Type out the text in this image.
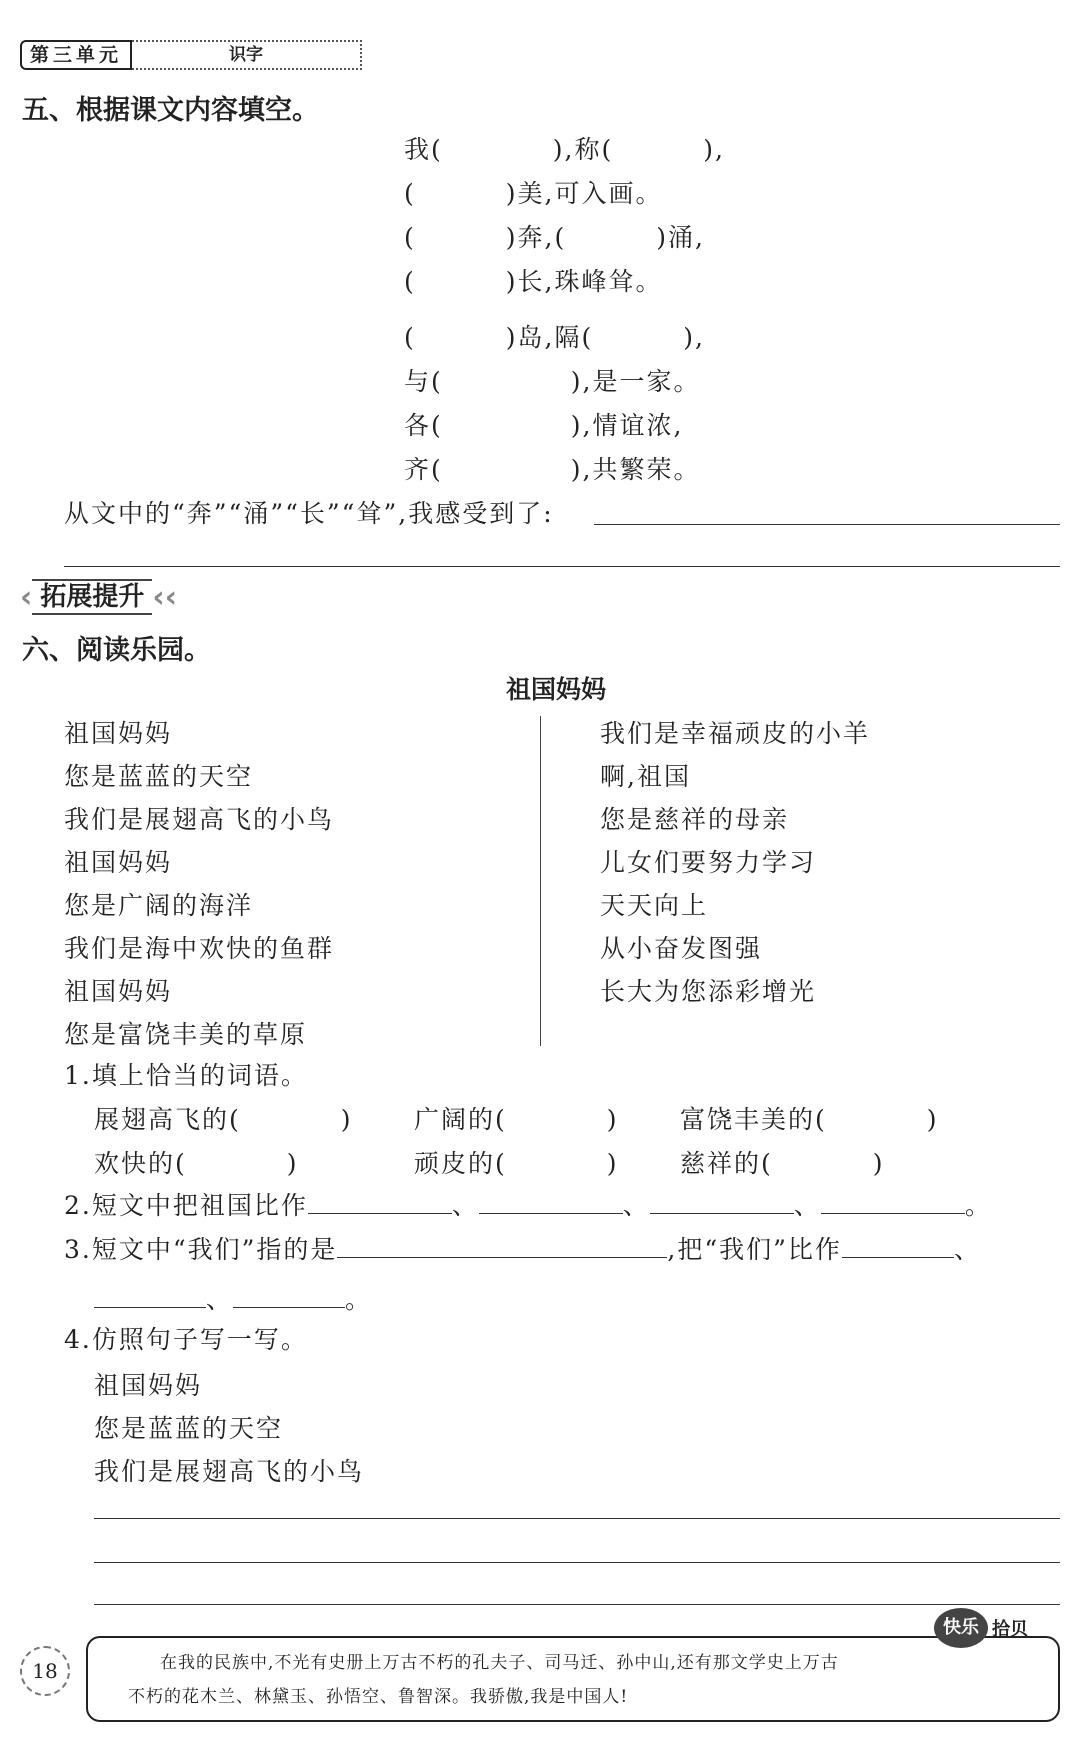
第三单元	识字
五、根据课文内容填空。
我(	),称(	),
(	)美,可入画。
(	)奔,(	)涌,
(	)长,珠峰耸。
(	)岛,隔(	),
与(	),是一家。
各(	),情谊浓,
齐(	),共繁荣。
从文中的“奔”“涌”“长”“耸”,我感受到了:
‹ 拓展提升 ‹‹
六、阅读乐园。
祖国妈妈
祖国妈妈
您是蓝蓝的天空
我们是展翅高飞的小鸟
祖国妈妈
您是广阔的海洋
我们是海中欢快的鱼群
祖国妈妈
您是富饶丰美的草原
我们是幸福顽皮的小羊
啊,祖国
您是慈祥的母亲
儿女们要努力学习
天天向上
从小奋发图强
长大为您添彩增光
1.填上恰当的词语。
展翅高飞的(	) 广阔的(	) 富饶丰美的(	)
欢快的(	)	顽皮的(	) 慈祥的(	)
2.短文中把祖国比作	、	、	、	。
3.短文中“我们”指的是	,把“我们”比作	、
、	。
4.仿照句子写一写。
祖国妈妈
您是蓝蓝的天空
我们是展翅高飞的小鸟
18	在我的民族中,不光有史册上万古不朽的孔夫子、司马迁、孙中山,还有那文学史上万古
不朽的花木兰、林黛玉、孙悟空、鲁智深。我骄傲,我是中国人!
快乐 拾贝
